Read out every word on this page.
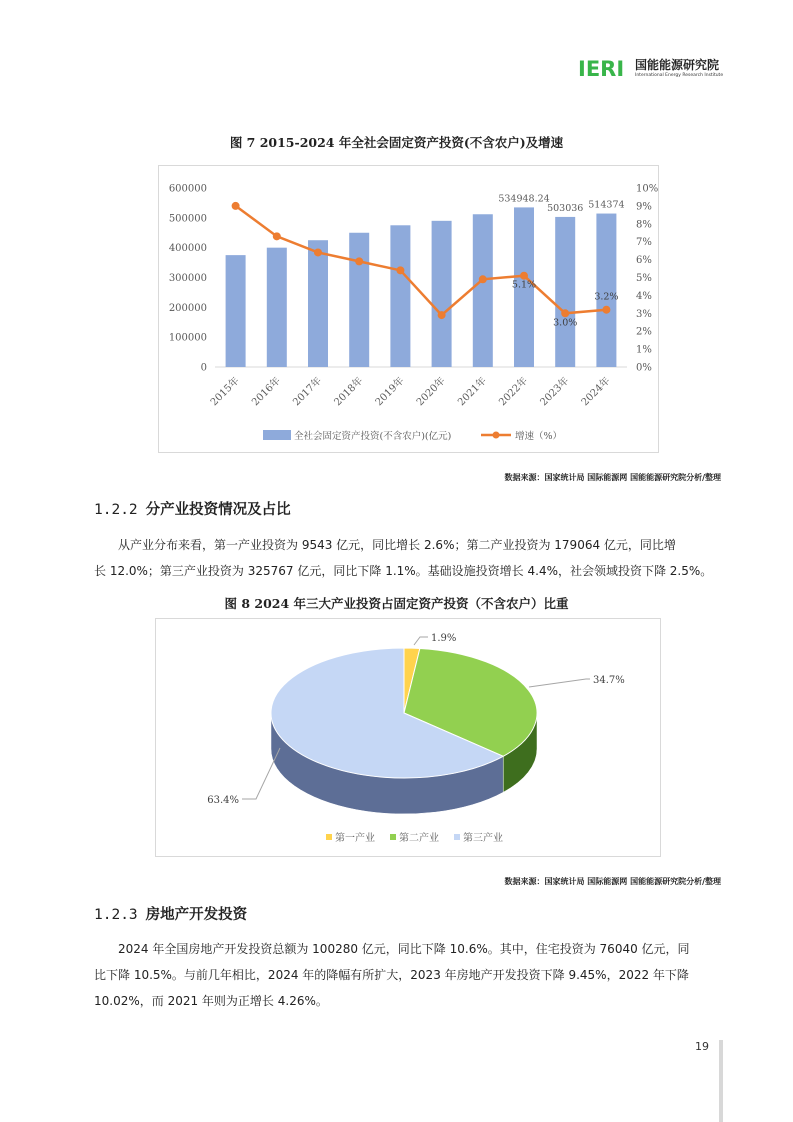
IERI 国能能源研究院
International Energy Research Institute
图 7 2015-2024 年全社会固定资产投资(不含农户)及增速
0
100000
200000
300000
400000
500000
600000
0%
1%
2%
3%
4%
5%
6%
7%
8%
9%
10%
2015年 2016年 2017年 2018年 2019年 2020年 2021年 2022年 2023年 2024年
534948.24
503036 514374
5.1%
3.0%
3.2%
全社会固定资产投资(不含农户)(亿元)	增速（%）
数据来源：国家统计局 国际能源网 国能能源研究院分析/整理
1.2.2 分产业投资情况及占比
从产业分布来看，第一产业投资为 9543 亿元，同比增长 2.6%；第二产业投资为 179064 亿元，同比增
长 12.0%；第三产业投资为 325767 亿元，同比下降 1.1%。基础设施投资增长 4.4%，社会领域投资下降 2.5%。
图 8 2024 年三大产业投资占固定资产投资（不含农户）比重
1.9%
34.7%
63.4%
第一产业 第二产业 第三产业
数据来源：国家统计局 国际能源网 国能能源研究院分析/整理
1.2.3 房地产开发投资
2024 年全国房地产开发投资总额为 100280 亿元，同比下降 10.6%。其中，住宅投资为 76040 亿元，同
比下降 10.5%。与前几年相比，2024 年的降幅有所扩大，2023 年房地产开发投资下降 9.45%，2022 年下降
10.02%，而 2021 年则为正增长 4.26%。
19
